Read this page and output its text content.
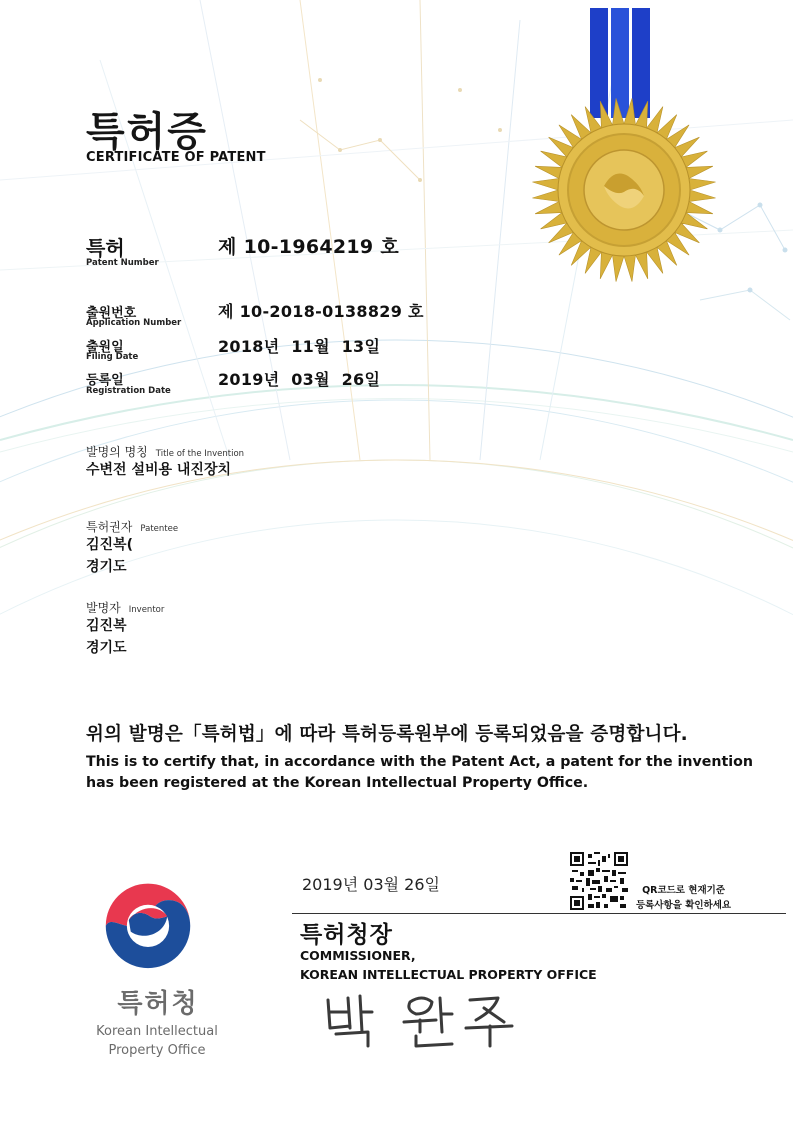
특허증
CERTIFICATE OF PATENT
특허
Patent Number
제 10-1964219 호
출원번호
Application Number
제 10-2018-0138829 호
출원일
Filing Date
2018년  11월  13일
등록일
Registration Date
2019년  03월  26일
발명의 명칭 Title of the Invention
수변전 설비용 내진장치
특허권자 Patentee
김진복(
경기도
발명자 Inventor
김진복
경기도
위의 발명은「특허법」에 따라 특허등록원부에 등록되었음을 증명합니다.
This is to certify that, in accordance with the Patent Act, a patent for the invention
has been registered at the Korean Intellectual Property Office.
2019년 03월 26일	QR코드로 현재기준
등록사항을 확인하세요
특허청장
COMMISSIONER,
KOREAN INTELLECTUAL PROPERTY OFFICE
특허청
Korean Intellectual
Property Office
